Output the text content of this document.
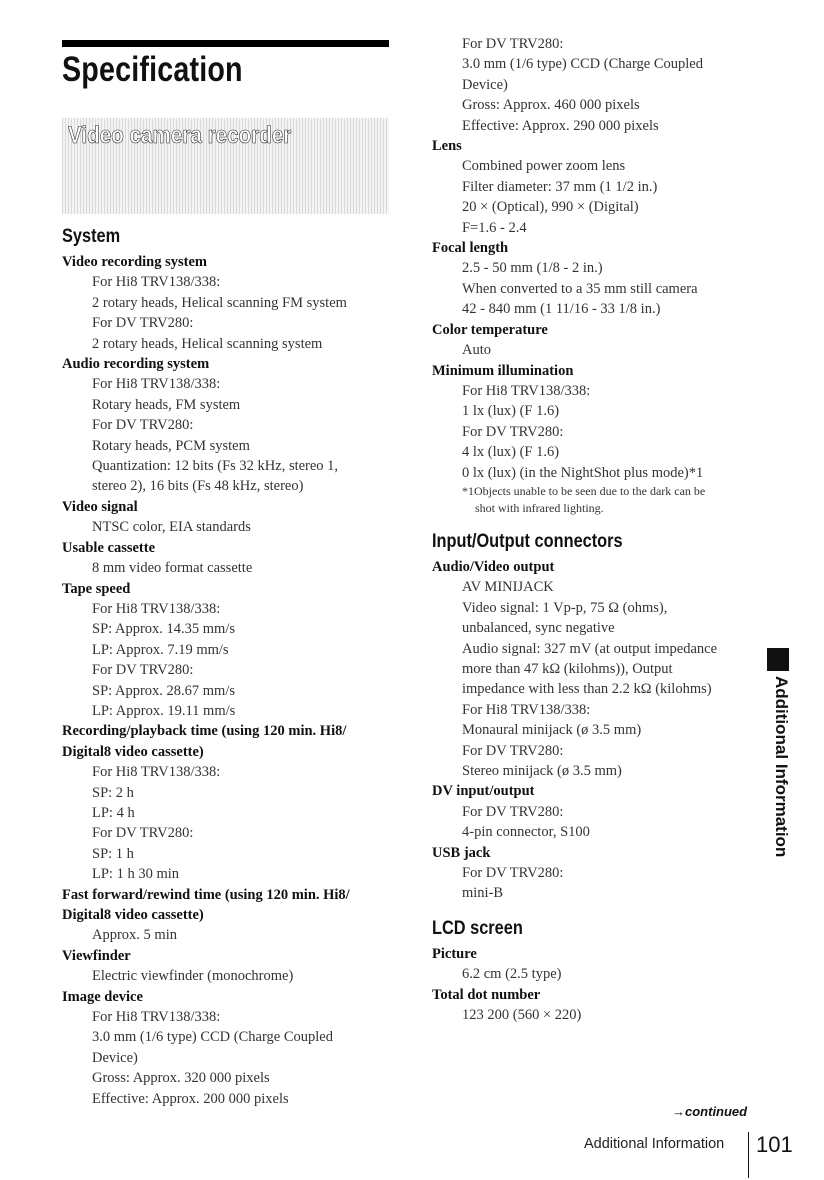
Specification
Video camera recorder
System
Video recording system
For Hi8 TRV138/338:
2 rotary heads, Helical scanning FM system
For DV TRV280:
2 rotary heads, Helical scanning system
Audio recording system
For Hi8 TRV138/338:
Rotary heads, FM system
For DV TRV280:
Rotary heads, PCM system
Quantization: 12 bits (Fs 32 kHz, stereo 1,
stereo 2), 16 bits (Fs 48 kHz, stereo)
Video signal
NTSC color, EIA standards
Usable cassette
8 mm video format cassette
Tape speed
For Hi8 TRV138/338:
SP: Approx. 14.35 mm/s
LP: Approx. 7.19 mm/s
For DV TRV280:
SP: Approx. 28.67 mm/s
LP: Approx. 19.11 mm/s
Recording/playback time (using 120 min. Hi8/
Digital8 video cassette)
For Hi8 TRV138/338:
SP: 2 h
LP: 4 h
For DV TRV280:
SP: 1 h
LP: 1 h 30 min
Fast forward/rewind time (using 120 min. Hi8/
Digital8 video cassette)
Approx. 5 min
Viewfinder
Electric viewfinder (monochrome)
Image device
For Hi8 TRV138/338:
3.0 mm (1/6 type) CCD (Charge Coupled
Device)
Gross: Approx. 320 000 pixels
Effective: Approx. 200 000 pixels
For DV TRV280:
3.0 mm (1/6 type) CCD (Charge Coupled
Device)
Gross: Approx. 460 000 pixels
Effective: Approx. 290 000 pixels
Lens
Combined power zoom lens
Filter diameter: 37 mm (1 1/2 in.)
20 × (Optical), 990 × (Digital)
F=1.6 - 2.4
Focal length
2.5 - 50 mm (1/8 - 2 in.)
When converted to a 35 mm still camera
42 - 840 mm (1 11/16 - 33 1/8 in.)
Color temperature
Auto
Minimum illumination
For Hi8 TRV138/338:
1 lx (lux) (F 1.6)
For DV TRV280:
4 lx (lux) (F 1.6)
0 lx (lux) (in the NightShot plus mode)*1
*1Objects unable to be seen due to the dark can be
shot with infrared lighting.
Input/Output connectors
Audio/Video output
AV MINIJACK
Video signal: 1 Vp-p, 75 Ω (ohms),
unbalanced, sync negative
Audio signal: 327 mV (at output impedance
more than 47 kΩ (kilohms)), Output
impedance with less than 2.2 kΩ (kilohms)
For Hi8 TRV138/338:
Monaural minijack (ø 3.5 mm)
For DV TRV280:
Stereo minijack (ø 3.5 mm)
DV input/output
For DV TRV280:
4-pin connector, S100
USB jack
For DV TRV280:
mini-B
LCD screen
Picture
6.2 cm (2.5 type)
Total dot number
123 200 (560 × 220)
Additional Information
→continued
Additional Information 101
